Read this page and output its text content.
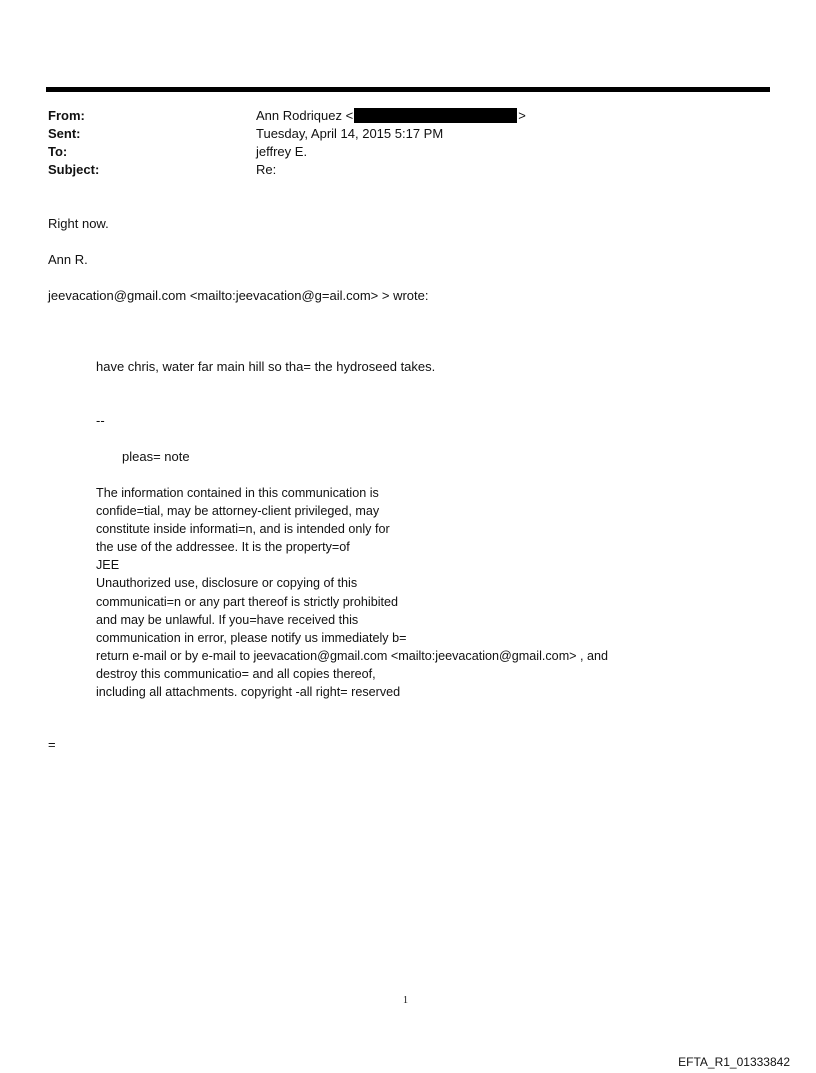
From:	Ann Rodriquez <	>
Sent:	Tuesday, April 14, 2015 5:17 PM
To:	jeffrey E.
Subject:	Re:
Right now.
Ann R.
jeevacation@gmail.com <mailto:jeevacation@g=ail.com> > wrote:
have chris, water far main hill so tha= the hydroseed takes.
--
pleas= note
The information contained in this communication is
confide=tial, may be attorney-client privileged, may
constitute inside informati=n, and is intended only for
the use of the addressee. It is the property=of
JEE
Unauthorized use, disclosure or copying of this
communicati=n or any part thereof is strictly prohibited
and may be unlawful. If you=have received this
communication in error, please notify us immediately b=
return e-mail or by e-mail to jeevacation@gmail.com <mailto:jeevacation@gmail.com> , and
destroy this communicatio= and all copies thereof,
including all attachments. copyright -all right= reserved
=
1
EFTA_R1_01333842
